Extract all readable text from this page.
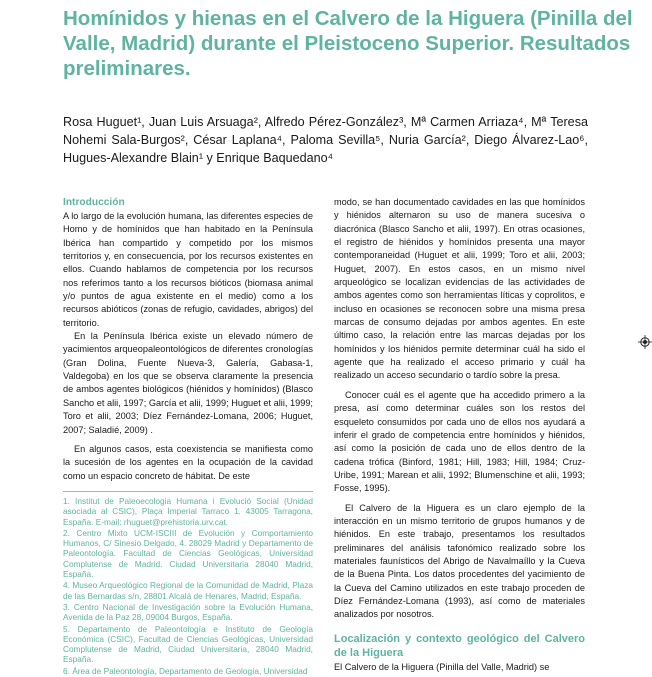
Homínidos y hienas en el Calvero de la Higuera (Pinilla del Valle, Madrid) durante el Pleistoceno Superior. Resultados preliminares.

Rosa Huguet¹, Juan Luis Arsuaga², Alfredo Pérez-González³, Mª Carmen Arriaza⁴, Mª Teresa Nohemi Sala-Burgos², César Laplana⁴, Paloma Sevilla⁵, Nuria García², Diego Álvarez-Lao⁶, Hugues-Alexandre Blain¹ y Enrique Baquedano⁴

Introducción

A lo largo de la evolución humana, las diferentes especies de Homo y de homínidos que han habitado en la Península Ibérica han compartido y competido por los mismos territorios y, en consecuencia, por los recursos existentes en ellos. Cuando hablamos de competencia por los recursos nos referimos tanto a los recursos bióticos (biomasa animal y/o puntos de agua existente en el medio) como a los recursos abióticos (zonas de refugio, cavidades, abrigos) del territorio.

En la Península Ibérica existe un elevado número de yacimientos arqueopaleontológicos de diferentes cronologías (Gran Dolina, Fuente Nueva-3, Galería, Gabasa-1, Valdegoba) en los que se observa claramente la presencia de ambos agentes biológicos (hiénidos y homínidos) (Blasco Sancho et alii, 1997; García et alii, 1999; Huguet et alii, 1999; Toro et alii, 2003; Díez Fernández-Lomana, 2006; Huguet, 2007; Saladié, 2009) .

En algunos casos, esta coexistencia se manifiesta como la sucesión de los agentes en la ocupación de la cavidad como un espacio concreto de hábitat. De este

1. Institut de Paleoecologia Humana i Evolució Social (Unidad asociada al CSIC), Plaça Imperial Tarraco 1. 43005 Tarragona, España. E-mail: rhuguet@prehistoria.urv.cat.

2. Centro Mixto UCM-ISCIII de Evolución y Comportamiento Humanos, C/ Sinesio Delgado, 4. 28029 Madrid y Departamento de Paleontología. Facultad de Ciencias Geológicas, Universidad Complutense de Madrid. Ciudad Universitaria 28040 Madrid, España.

4. Museo Arqueológico Regional de la Comunidad de Madrid, Plaza de las Bernardas s/n, 28801 Alcalá de Henares, Madrid, España.

3. Centro Nacional de Investigación sobre la Evolución Humana, Avenida de la Paz 28, 09004 Burgos, España.

5. Departamento de Paleontología e Instituto de Geología Económica (CSIC), Facultad de Ciencias Geológicas, Universidad Complutense de Madrid, Ciudad Universitaria, 28040 Madrid, España.

6. Área de Paleontología, Departamento de Geología, Universidad

modo, se han documentado cavidades en las que homínidos y hiénidos alternaron su uso de manera sucesiva o diacrónica (Blasco Sancho et alii, 1997). En otras ocasiones, el registro de hiénidos y homínidos presenta una mayor contemporaneidad (Huguet et alii, 1999; Toro et alii, 2003; Huguet, 2007). En estos casos, en un mismo nivel arqueológico se localizan evidencias de las actividades de ambos agentes como son herramientas líticas y coprolitos, e incluso en ocasiones se reconocen sobre una misma presa marcas de consumo dejadas por ambos agentes. En este último caso, la relación entre las marcas dejadas por los homínidos y los hiénidos permite determinar cuál ha sido el agente que ha realizado el acceso primario y cuál ha realizado un acceso secundario o tardío sobre la presa.

Conocer cuál es el agente que ha accedido primero a la presa, así como determinar cuáles son los restos del esqueleto consumidos por cada uno de ellos nos ayudará a inferir el grado de competencia entre homínidos y hiénidos, así como la posición de cada uno de ellos dentro de la cadena trófica (Binford, 1981; Hill, 1983; Hill, 1984; Cruz-Uribe, 1991; Marean et alii, 1992; Blumenschine et alii, 1993; Fosse, 1995).

El Calvero de la Higuera es un claro ejemplo de la interacción en un mismo territorio de grupos humanos y de hiénidos. En este trabajo, presentamos los resultados preliminares del análisis tafonómico realizado sobre los materiales faunísticos del Abrigo de Navalmaíllo y la Cueva de la Buena Pinta. Los datos procedentes del yacimiento de la Cueva del Camino utilizados en este trabajo proceden de Díez Fernández-Lomana (1993), así como de materiales analizados por nosotros.

Localización y contexto geológico del Calvero de la Higuera

El Calvero de la Higuera (Pinilla del Valle, Madrid) se
